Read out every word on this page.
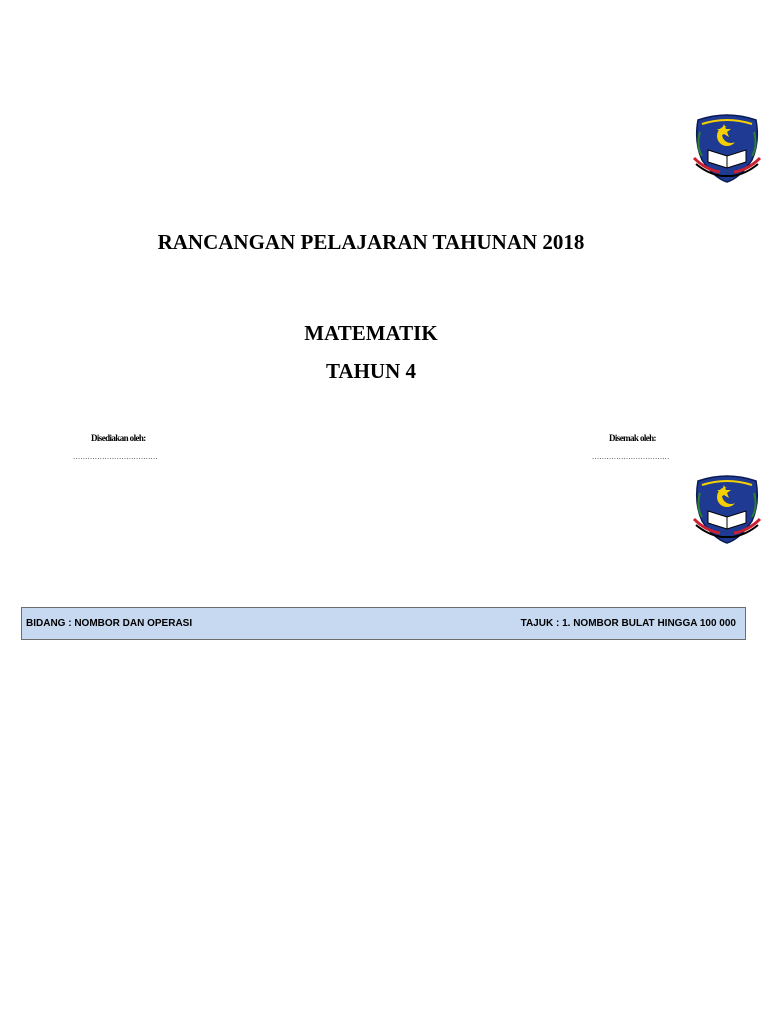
RANCANGAN PELAJARAN TAHUNAN 2018
MATEMATIK
TAHUN 4
Disediakan oleh:	Disemak oleh:
...................................	................................
BIDANG : NOMBOR DAN OPERASI	TAJUK : 1. NOMBOR BULAT HINGGA 100 000
